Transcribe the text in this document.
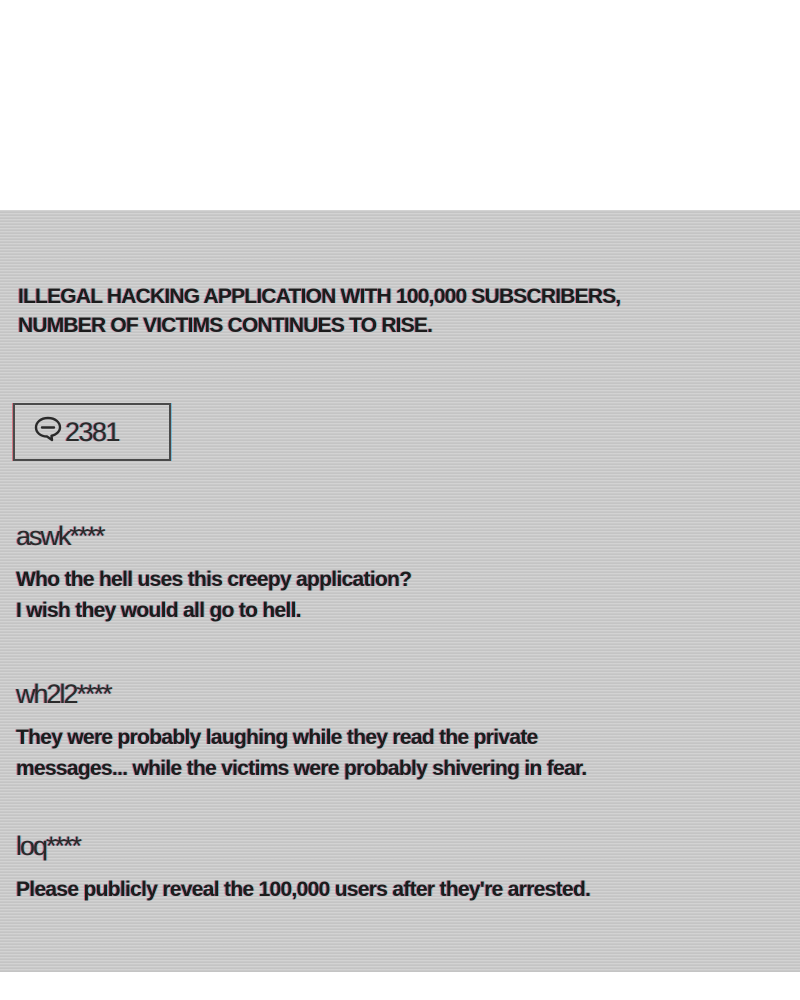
ILLEGAL HACKING APPLICATION WITH 100,000 SUBSCRIBERS,
NUMBER OF VICTIMS CONTINUES TO RISE.
2381
aswk****
Who the hell uses this creepy application?
I wish they would all go to hell.
wh2l2****
They were probably laughing while they read the private
messages... while the victims were probably shivering in fear.
loq****
Please publicly reveal the 100,000 users after they're arrested.
